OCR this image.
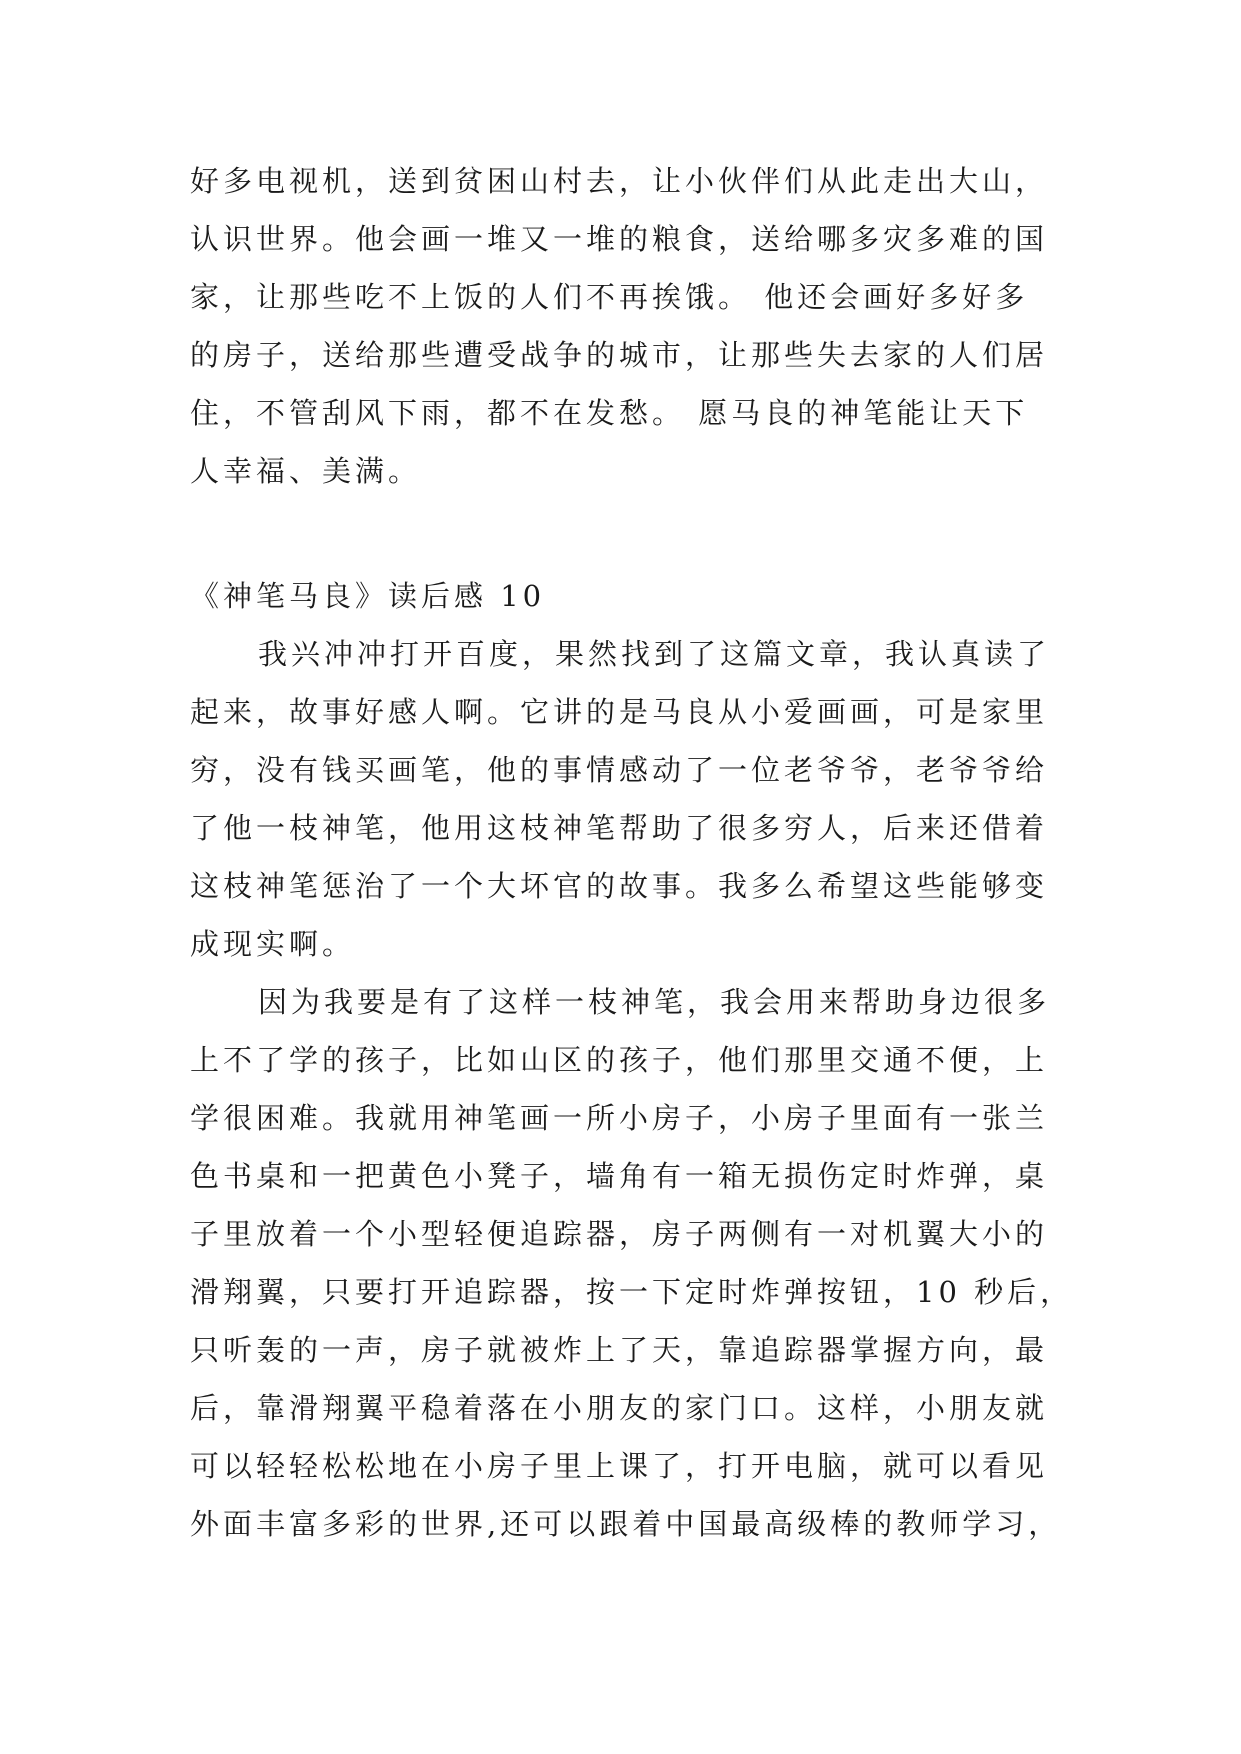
好多电视机，送到贫困山村去，让小伙伴们从此走出大山，
认识世界。他会画一堆又一堆的粮食，送给哪多灾多难的国
家，让那些吃不上饭的人们不再挨饿。 他还会画好多好多
的房子，送给那些遭受战争的城市，让那些失去家的人们居
住，不管刮风下雨，都不在发愁。 愿马良的神笔能让天下
人幸福、美满。
《神笔马良》读后感 10
我兴冲冲打开百度，果然找到了这篇文章，我认真读了
起来，故事好感人啊。它讲的是马良从小爱画画，可是家里
穷，没有钱买画笔，他的事情感动了一位老爷爷，老爷爷给
了他一枝神笔，他用这枝神笔帮助了很多穷人，后来还借着
这枝神笔惩治了一个大坏官的故事。我多么希望这些能够变
成现实啊。
因为我要是有了这样一枝神笔，我会用来帮助身边很多
上不了学的孩子，比如山区的孩子，他们那里交通不便，上
学很困难。我就用神笔画一所小房子，小房子里面有一张兰
色书桌和一把黄色小凳子，墙角有一箱无损伤定时炸弹，桌
子里放着一个小型轻便追踪器，房子两侧有一对机翼大小的
滑翔翼，只要打开追踪器，按一下定时炸弹按钮，10 秒后，
只听轰的一声，房子就被炸上了天，靠追踪器掌握方向，最
后，靠滑翔翼平稳着落在小朋友的家门口。这样，小朋友就
可以轻轻松松地在小房子里上课了，打开电脑，就可以看见
外面丰富多彩的世界,还可以跟着中国最高级棒的教师学习，
